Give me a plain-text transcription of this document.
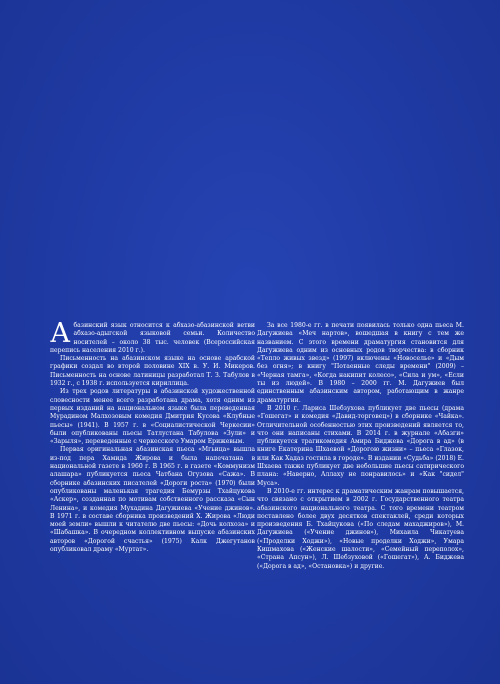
Абазинский язык относится к абхазо-абазинской ветви абхазо-адыгской языковой семьи. Количество носителей – около 38 тыс. человек (Всероссийская перепись населения 2010 г.).

Письменность на абазинском языке на основе арабской графики создал во второй половине XIX в. У. И. Микеров. Письменность на основе латиницы разработал Т. З. Табулов в 1932 г., с 1938 г. используется кириллица.

Из трех родов литературы в абазинской художественной словесности менее всего разработана драма, хотя одним из первых изданий на национальном языке была переведенная Мурадином Малхозовым комедия Дмитрия Кусова «Клубные пьесы» (1941). В 1957 г. в «Социалистической Черкесии» были опубликованы пьесы Татлустана Табулова «Зули» и «Зарыля», переведенные с черкесского Умаром Ерижевым.

Первая оригинальная абазинская пьеса «Мгьица» вышла из-под пера Хамида Жирова и была напечатана в национальной газете в 1960 г. В 1965 г. в газете «Коммунизм алашара» публикуется пьеса Чатбана Огузова «Сажа». В сборнике абазинских писателей «Дороги роста» (1970) были опубликованы маленькая трагедия Бемурзы Тхайцукова «Аскер», созданная по мотивам собственного рассказа «Сын Ленина», и комедия Мухадина Дагужиева «Учение джинов». В 1971 г. в составе сборника произведений Х. Жирова «Люди моей земли» вышли к читателю две пьесы: «Дочь колхоза» и «Шабашка». В очередном коллективном выпуске абазинских авторов «Дорогой счастья» (1975) Калк Джегутанов опубликовал драму «Муртат».

За все 1980-е гг. в печати появилась только одна пьеса М. Дагужиева «Меч нартов», вошедшая в книгу с тем же названием. С этого времени драматургия становится для Дагужиева одним из основных родов творчества: в сборник «Тепло живых звезд» (1997) включены «Новоселье» и «Дым без огня»; в книгу "Потаенные следы времени" (2009) – «Черная тамга», «Когда накипит колесо», «Сила и ум», «Если ты из людей». В 1980 – 2000 гг. М. Дагужиев был единственным абазинским автором, работающим в жанре драматургии.

В 2010 г. Лариса Шебзухова публикует две пьесы (драма «Гошегат» и комедия «Давид-торговец») в сборнике «Чайка». Отличительной особенностью этих произведений является то, что они написаны стихами. В 2014 г. в журнале «Абазги» публикуется трагикомедия Амира Биджева «Дорога в ад» (в книге Екатерина Шхаевой «Дорогою жизни» – пьеса «Глазок, или Как Хадаз гостила в городе». В издании «Судьба» (2018) Е. Шхаева также публикует две небольшие пьесы сатирического плана: «Наверно, Аллаху не понравилось» и «Как "сидел" Муса».

В 2010-е гг. интерес к драматическим жанрам повышается, что связано с открытием в 2002 г. Государственного театра абазинского национального театра. С того времени театром поставлено более двух десятков спектаклей, среди которых произведения Б. Тхайцукова («По следам махаджиров»), М. Дагужиева («Учение джинов»), Михаила Чикатуева («Проделки Ходжи»), «Новые проделки Ходжи», Умара Кишмахова («Женские шалости», «Семейный переполох», «Страна Апсун»), Л. Шебзуховой («Гошегат»), А. Биджева («Дорога в ад», «Остановка») и другие.
